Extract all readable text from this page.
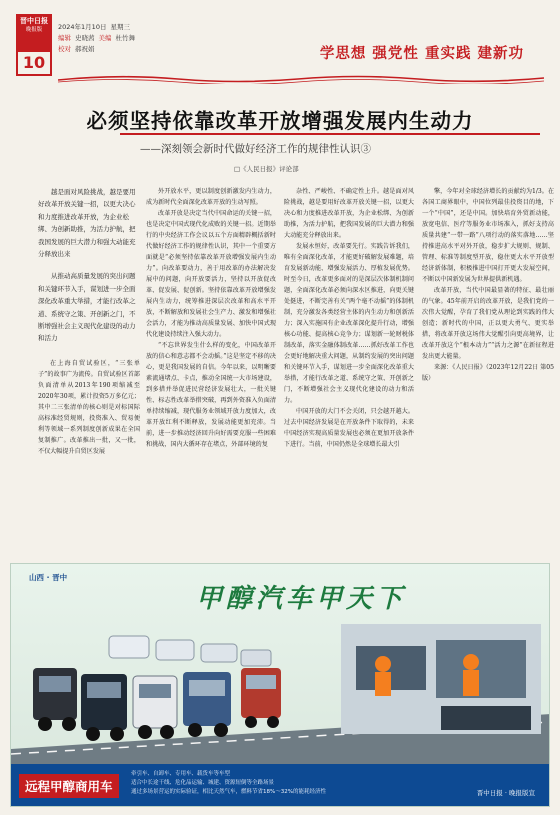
晋中日报
晚报版
10
2024年1月10日 星期三
编辑 史晓茜 美编 杜竹舞
校对 郝祝娟	学思想 强党性 重实践 建新功
必须坚持依靠改革开放增强发展内生动力
——深刻领会新时代做好经济工作的规律性认识③
□《人民日报》评论部

越是面对风险挑战，越是要用好改革开放关键一招，以更大决心和力度推进改革开放，为企业松绑、为创新助推，为活力护航，把我国发展的巨大潜力和强大动能充分释放出来

从推动高质量发展的突出问题和关键环节入手，谋划进一步全面深化改革重大举措，才能行改革之道、系统守之策、开创新之门，不断增强社会主义现代化建设的动力和活力

在上海自贸试验区，“三张单子”的故事广为流传。自贸试验区首部负面清单从2013年190项缩减至2020年30项，累计投资5万多亿元；其中二三张清单的核心则是对标国际高标准经贸规则，投资准入、贸易便利等领域一系列制度创新成果在全国复制推广。改革推出一批，又一批，不仅大幅提升自贸区发展

外开放水平，更以制度创新激发内生动力，成为新时代全面深化改革开放的生动写照。

改革开放是决定当代中国命运的关键一招，也是决定中国式现代化成败的关键一招。近期举行的中央经济工作会议以五个方面精辟概括新时代做好经济工作的规律性认识，其中一个重要方面就是“必须坚持依靠改革开放增强发展内生动力”。向改革要动力，善于用改革的办法解决发展中的问题，向开放要活力，坚持以开放促改革、促发展、促创新。坚持依靠改革开放增强发展内生动力，统筹推进深层次改革和高水平开放，不断解放和发展社会生产力、激发和增强社会活力，才能为推动高质量发展、加快中国式现代化建设持续注入强大动力。

“不忘世界发生什么样的变化，中国改革开放的信心和意志都不会动摇。”这是坚定不移的决心，更是我国发展的自信。今年以来，以明晰要素流通堵点、卡点，推动全国统一大市场建设，到多措并举促进民营经济发展壮大，一批关键性、标志性改革举措突破，再到外资准入负面清单持续缩减，现代服务业领域开放力度加大，改革开放红利不断释放，发展动能更加充沛。当前，进一步推动经济回升向好需要克服一些困难和挑战，国内大循环存在堵点，外部环境的复

杂性、严峻性、不确定性上升。越是面对风险挑战，越是要用好改革开放关键一招，以更大决心和力度推进改革开放，为企业松绑、为创新助推，为活力护航，把我国发展的巨大潜力和强大动能充分释放出来。

发展永恒好，改革要先行。实践告诉我们，唯有全面深化改革，才能更好破解发展难题，培育发展新动能、增强发展活力、厚植发展优势。时至今日，改革更多面对的是深层次体制机制问题，全面深化改革必须向深水区推进，向更关键处挺进，不断完善有关“两个毫不动摇”的体制机制，充分激发各类经营主体的内生动力和创新活力；深入实施国有企业改革深化提升行动，增强核心功能、提高核心竞争力；谋划新一轮财税体制改革，落实金融体制改革……抓好改革工作也会更好地解决重大问题，从制约发展的突出问题和关键环节入手，谋划进一步全面深化改革重大举措，才能行改革之道、系统守之策、开创新之门，不断增强社会主义现代化建设的动力和活力。

中国开放的大门不会关闭，只会越开越大。过去中国经济发展是在开放条件下取得的，未来中国经济实现高质量发展也必须在更加开放条件下进行。当前，中国仍然是全球增长最大引

擎，今年对全球经济增长的贡献约为1/3。在各国工商界眼中，中国位列最佳投资目的地，下一个“中国”，还是中国。加快培育外贸新动能，放宽电信、医疗等服务业市场准入，抓好支持高质量共建“一带一路”八项行动的落实落地……坚持推进高水平对外开放，稳步扩大规则、规制、管理、标准等制度型开放，稳住更大水平开放型经济新体制，积极推进中国打开更大发展空间，不断以中国新发展为世界提供新机遇。

改革开放，当代中国最显著的特征、最壮丽的气象。45年前开启的改革开放，是我们党的一次伟大觉醒，孕育了我们党从理论到实践的伟大创造；新时代的中国，正以更大勇气、更实举措，将改革开放这场伟大觉醒引向更高境界，让改革开放这个“根本动力”“活力之源”在新征程进发出更大能量。

来源：《人民日报》（2023年12月22日 第05版）

山西 · 晋中
甲醇汽车甲天下
远程甲醇商用车
牵引车、自卸车、专用车、载货车等车型
适合中长途干线、危化品运输、城建、资源短倒等全路场景
通过多场景营运的实际验证，相比天然气车，燃料节省18%～32%的能耗经济性	晋中日报 · 晚报版宣
